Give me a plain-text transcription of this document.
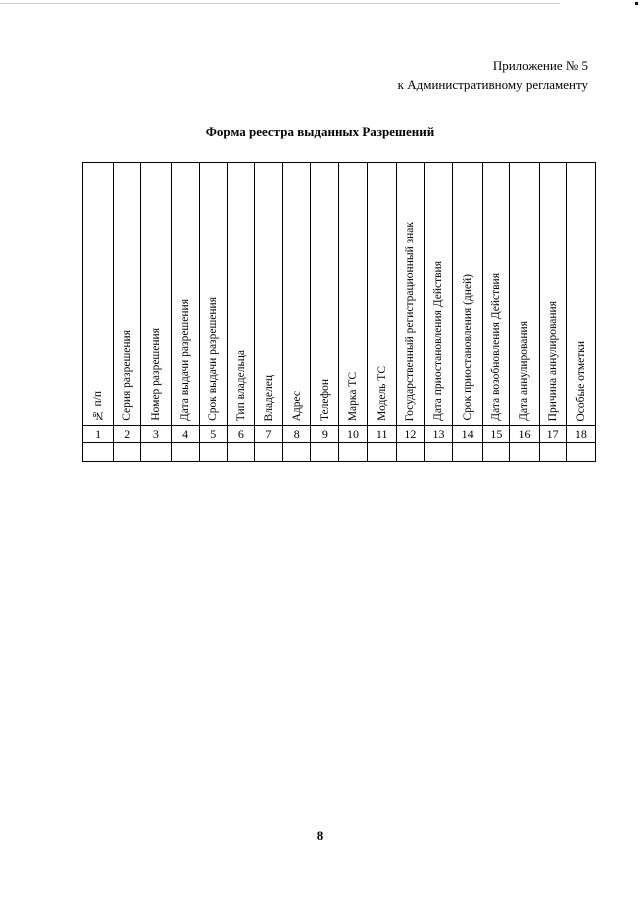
Приложение № 5
к Административному регламенту
Форма реестра выданных Разрешений
№ п/п	Серия разрешения	Номер разрешения	Дата выдачи разрешения	Срок выдачи разрешения	Тип владельца	Владелец	Адрес	Телефон	Марка ТС	Модель ТС	Государственный регистрационный знак	Дата приостановления Действия	Срок приостановления (дней)	Дата возобновления Действия	Дата аннулирования	Причина аннулирования	Особые отметки

1	2	3	4	5	6	7	8	9	10	11	12	13	14	15	16	17	18

8
